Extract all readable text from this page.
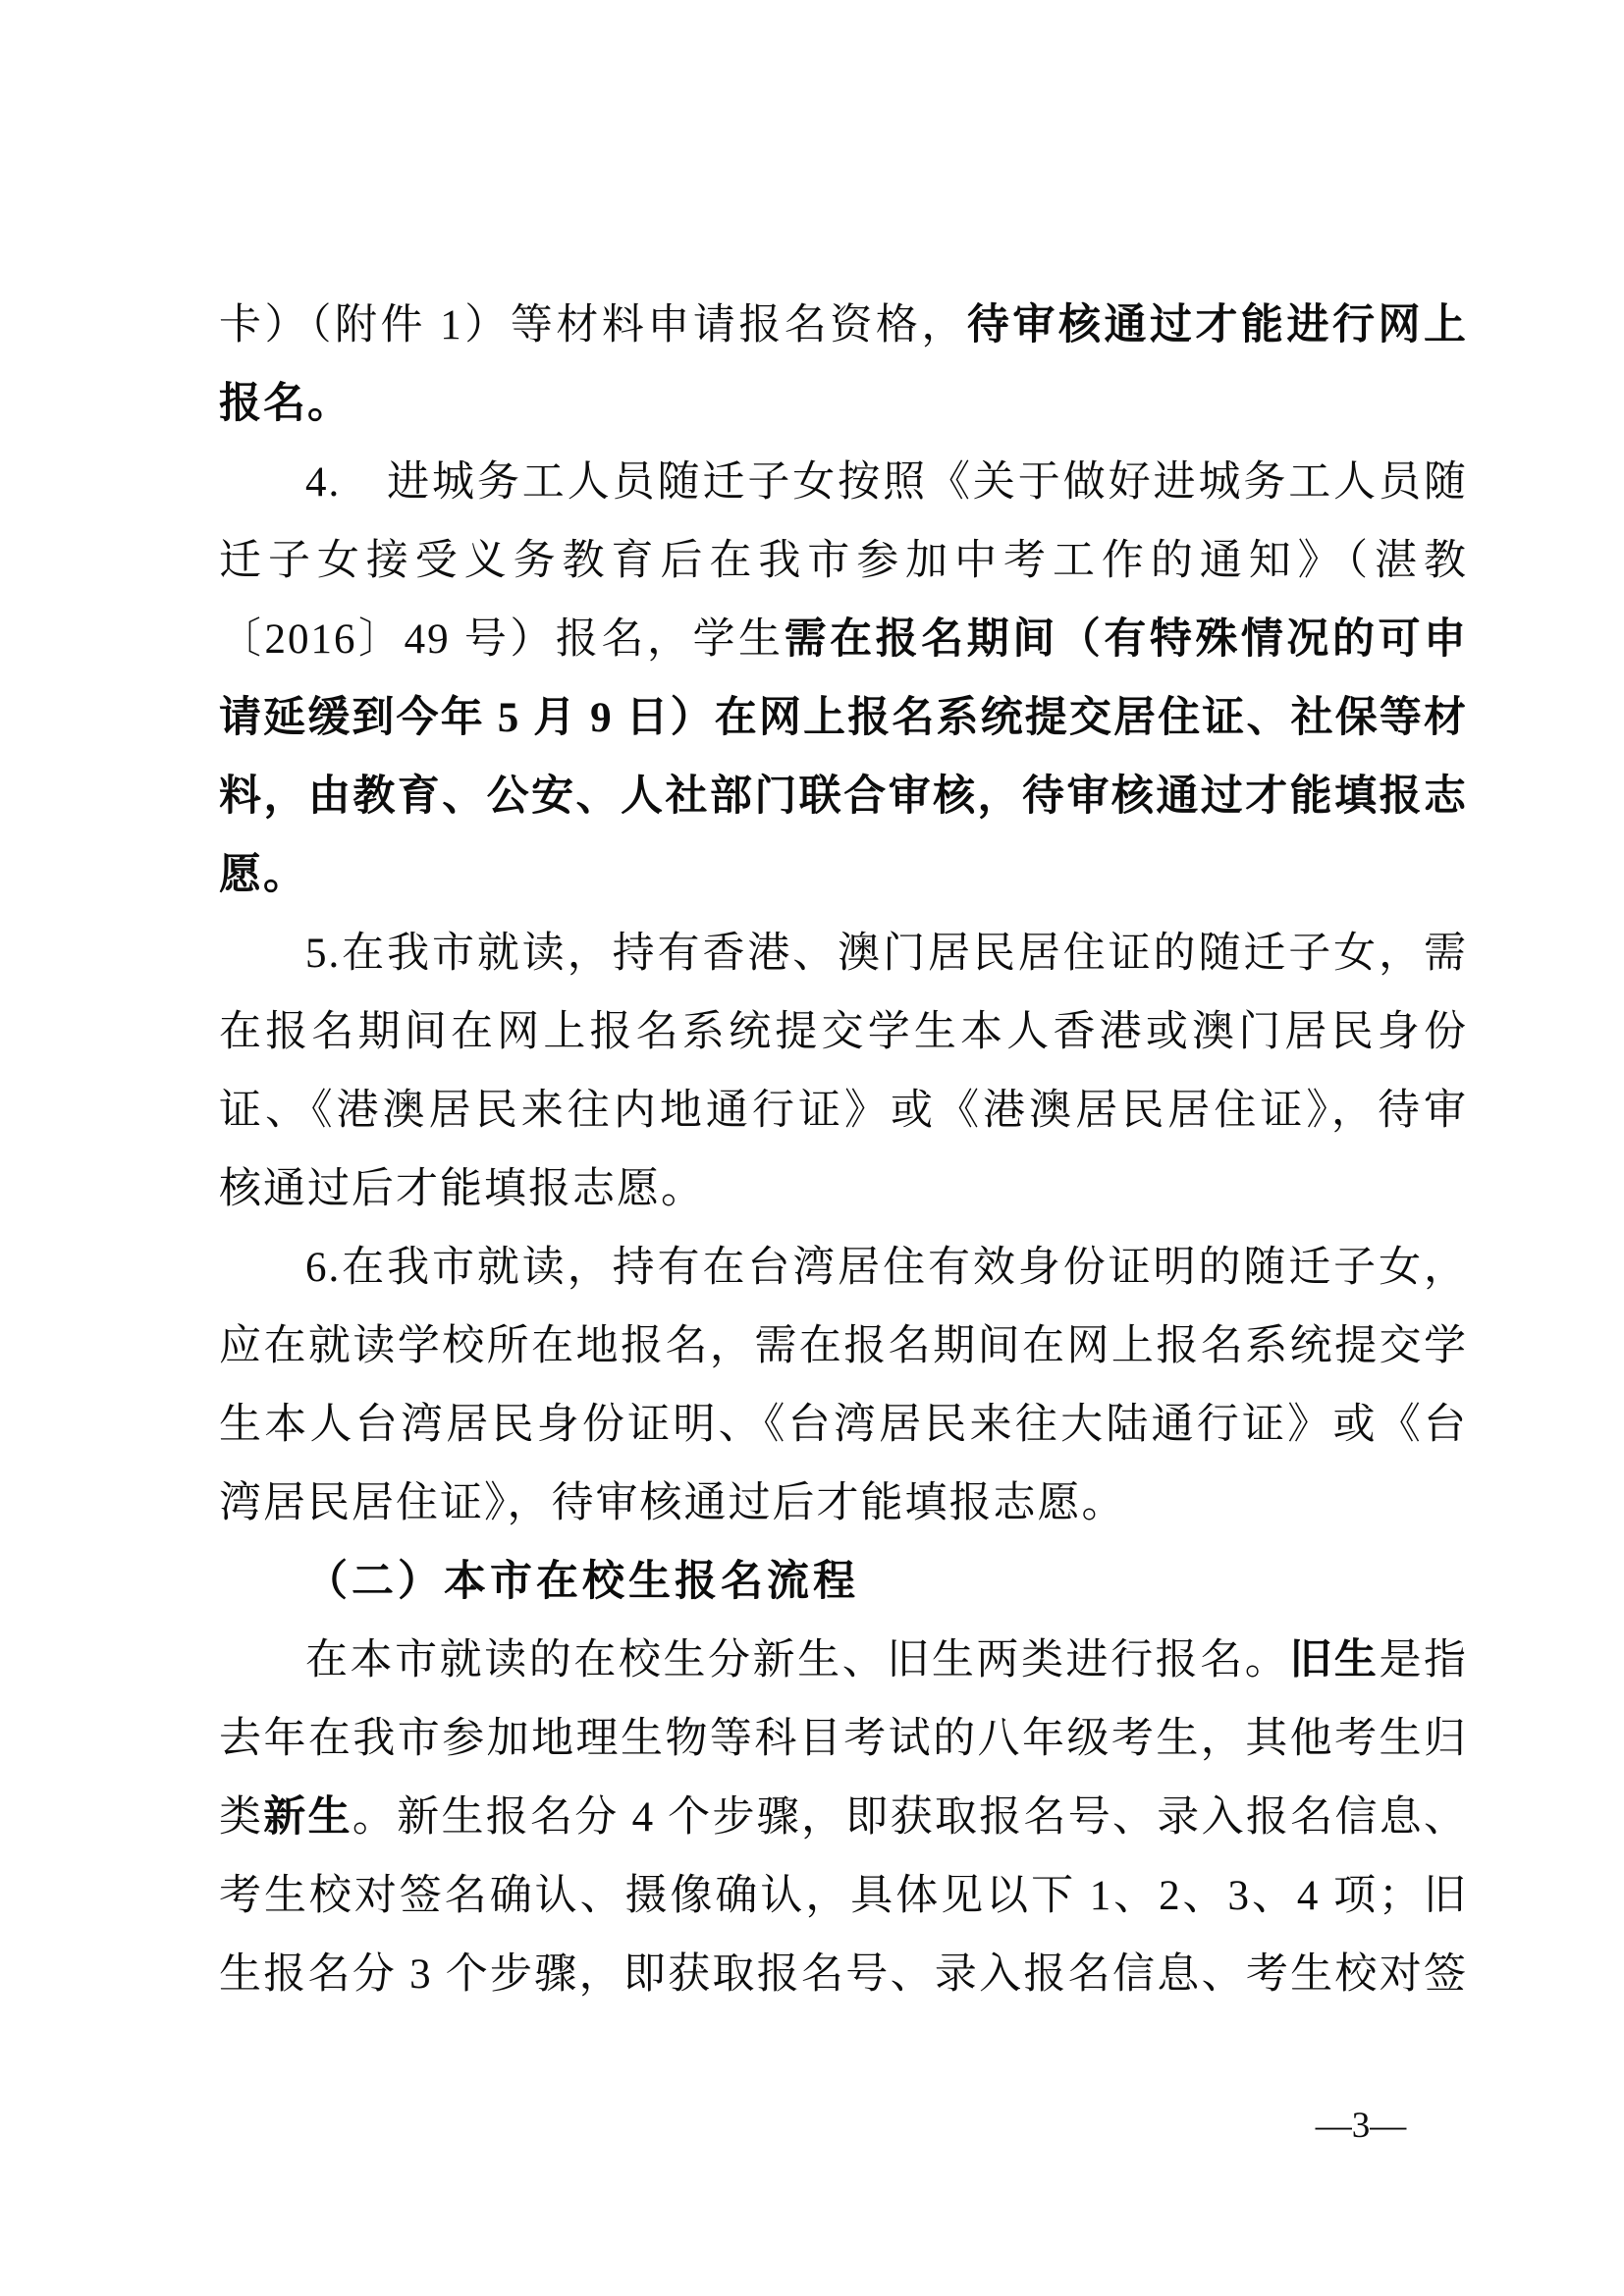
卡）（附件 1）等材料申请报名资格，待审核通过才能进行网上
报名。
4.　进城务工人员随迁子女按照《关于做好进城务工人员随
迁子女接受义务教育后在我市参加中考工作的通知》（湛教
〔2016〕49 号）报名，学生需在报名期间（有特殊情况的可申
请延缓到今年 5 月 9 日）在网上报名系统提交居住证、社保等材
料，由教育、公安、人社部门联合审核，待审核通过才能填报志
愿。
5.在我市就读，持有香港、澳门居民居住证的随迁子女，需
在报名期间在网上报名系统提交学生本人香港或澳门居民身份
证、《港澳居民来往内地通行证》或《港澳居民居住证》，待审
核通过后才能填报志愿。
6.在我市就读，持有在台湾居住有效身份证明的随迁子女，
应在就读学校所在地报名，需在报名期间在网上报名系统提交学
生本人台湾居民身份证明、《台湾居民来往大陆通行证》或《台
湾居民居住证》，待审核通过后才能填报志愿。
（二）本市在校生报名流程
在本市就读的在校生分新生、旧生两类进行报名。旧生是指
去年在我市参加地理生物等科目考试的八年级考生，其他考生归
类新生。新生报名分 4 个步骤，即获取报名号、录入报名信息、
考生校对签名确认、摄像确认，具体见以下 1、2、3、4 项；旧
生报名分 3 个步骤，即获取报名号、录入报名信息、考生校对签
—3—
